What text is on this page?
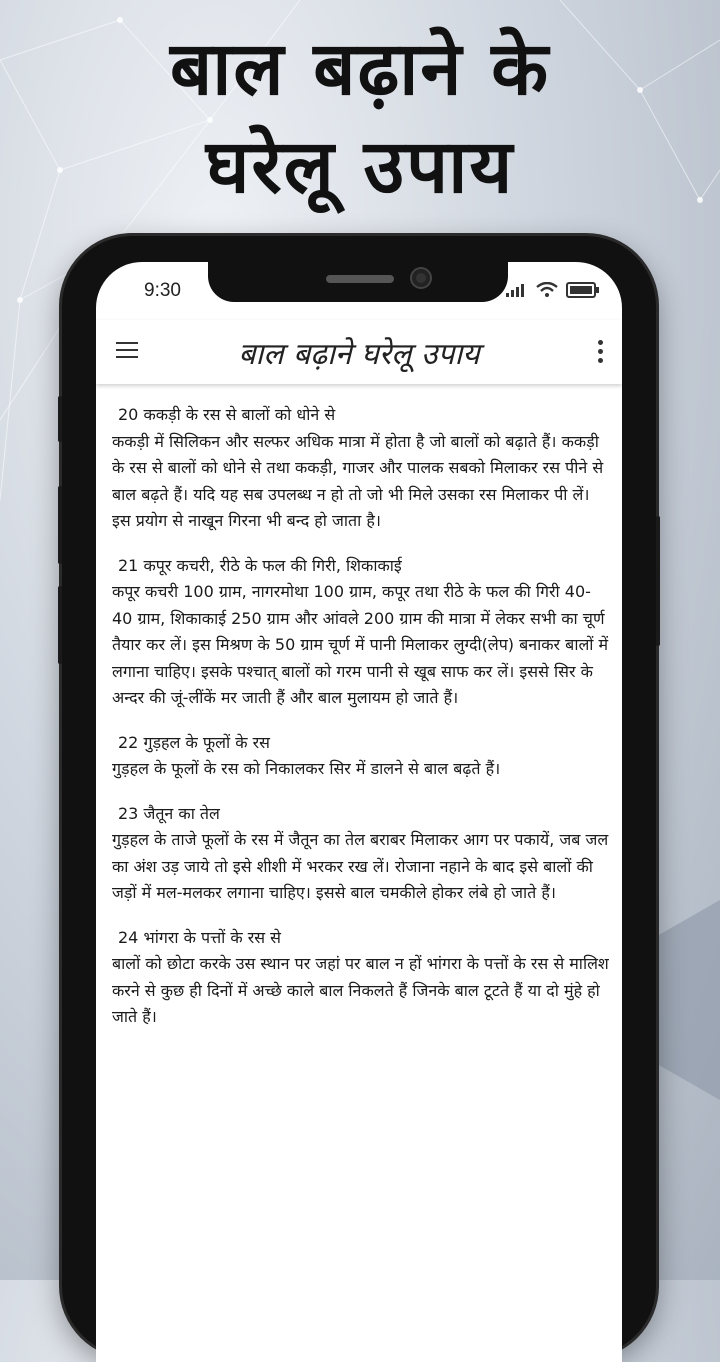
बाल बढ़ाने के
घरेलू उपाय
9:30
बाल बढ़ाने घरेलू उपाय
20 ककड़ी के रस से बालों को धोने से
ककड़ी में सिलिकन और सल्फर अधिक मात्रा में होता है जो बालों को बढ़ाते हैं। ककड़ी के रस से बालों को धोने से तथा ककड़ी, गाजर और पालक सबको मिलाकर रस पीने से बाल बढ़ते हैं। यदि यह सब उपलब्ध न हो तो जो भी मिले उसका रस मिलाकर पी लें। इस प्रयोग से नाखून गिरना भी बन्द हो जाता है।
21 कपूर कचरी, रीठे के फल की गिरी, शिकाकाई
कपूर कचरी 100 ग्राम, नागरमोथा 100 ग्राम, कपूर तथा रीठे के फल की गिरी 40-40 ग्राम, शिकाकाई 250 ग्राम और आंवले 200 ग्राम की मात्रा में लेकर सभी का चूर्ण तैयार कर लें। इस मिश्रण के 50 ग्राम चूर्ण में पानी मिलाकर लुग्दी(लेप) बनाकर बालों में लगाना चाहिए। इसके पश्चात् बालों को गरम पानी से खूब साफ कर लें। इससे सिर के अन्दर की जूं-लींकें मर जाती हैं और बाल मुलायम हो जाते हैं।
22 गुड़हल के फूलों के रस
गुड़हल के फूलों के रस को निकालकर सिर में डालने से बाल बढ़ते हैं।
23 जैतून का तेल
गुड़हल के ताजे फूलों के रस में जैतून का तेल बराबर मिलाकर आग पर पकायें, जब जल का अंश उड़ जाये तो इसे शीशी में भरकर रख लें। रोजाना नहाने के बाद इसे बालों की जड़ों में मल-मलकर लगाना चाहिए। इससे बाल चमकीले होकर लंबे हो जाते हैं।
24 भांगरा के पत्तों के रस से
बालों को छोटा करके उस स्थान पर जहां पर बाल न हों भांगरा के पत्तों के रस से मालिश करने से कुछ ही दिनों में अच्छे काले बाल निकलते हैं जिनके बाल टूटते हैं या दो मुंहे हो जाते हैं।
